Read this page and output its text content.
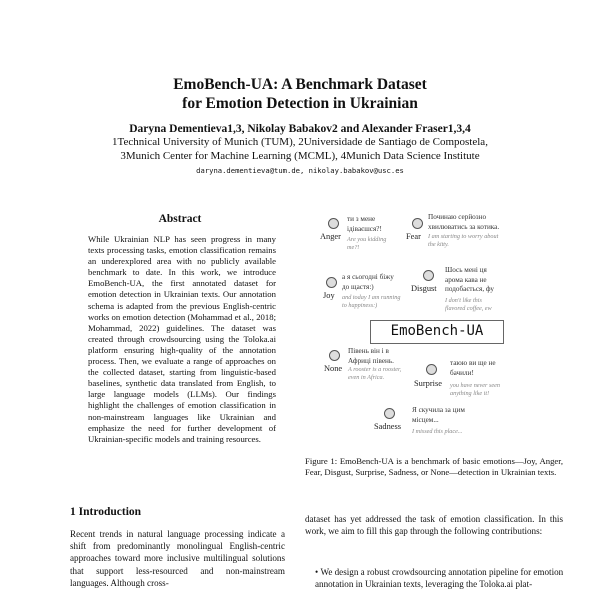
EmoBench-UA: A Benchmark Dataset
for Emotion Detection in Ukrainian
Daryna Dementieva1,3, Nikolay Babakov2 and Alexander Fraser1,3,4
1Technical University of Munich (TUM), 2Universidade de Santiago de Compostela,
3Munich Center for Machine Learning (MCML), 4Munich Data Science Institute
daryna.dementieva@tum.de, nikolay.babakov@usc.es
Abstract
While Ukrainian NLP has seen progress in many texts processing tasks, emotion classification remains an underexplored area with no publicly available benchmark to date. In this work, we introduce EmoBench-UA, the first annotated dataset for emotion detection in Ukrainian texts. Our annotation schema is adapted from the previous English-centric works on emotion detection (Mohammad et al., 2018; Mohammad, 2022) guidelines. The dataset was created through crowdsourcing using the Toloka.ai platform ensuring high-quality of the annotation process. Then, we evaluate a range of approaches on the collected dataset, starting from linguistic-based baselines, synthetic data translated from English, to large language models (LLMs). Our findings highlight the challenges of emotion classification in non-mainstream languages like Ukrainian and emphasize the need for further development of Ukrainian-specific models and training resources.
1 Introduction
Recent trends in natural language processing indicate a shift from predominantly monolingual English-centric approaches toward more inclusive multilingual solutions that support less-resourced and non-mainstream languages. Although cross-
Anger
ти з мене
ідіваєшся?!
Are you kidding
me?!
Fear
Починаю серйозно
хвилюватись за котика.
I am starting to worry about
the kitty.
Joy
а я сьогодні біжу
до щастя:)
and today I am running
to happiness:)
Disgust
Шось мені ця
арома кава не
подобається, фу
I don't like this
flavored coffee, ew
EmoBench-UA
None
Півень він і в
Африці півень.
A rooster is a rooster,
even in Africa.
Surprise
таюю ви ще не
бачили!
you have never seen
anything like it!
Sadness
Я скучила за цим
місцем...
I missed this place...
Figure 1: EmoBench-UA is a benchmark of basic emotions—Joy, Anger, Fear, Disgust, Surprise, Sadness, or None—detection in Ukrainian texts.
dataset has yet addressed the task of emotion classification. In this work, we aim to fill this gap through the following contributions:
• We design a robust crowdsourcing annotation pipeline for emotion annotation in Ukrainian texts, leveraging the Toloka.ai plat-
